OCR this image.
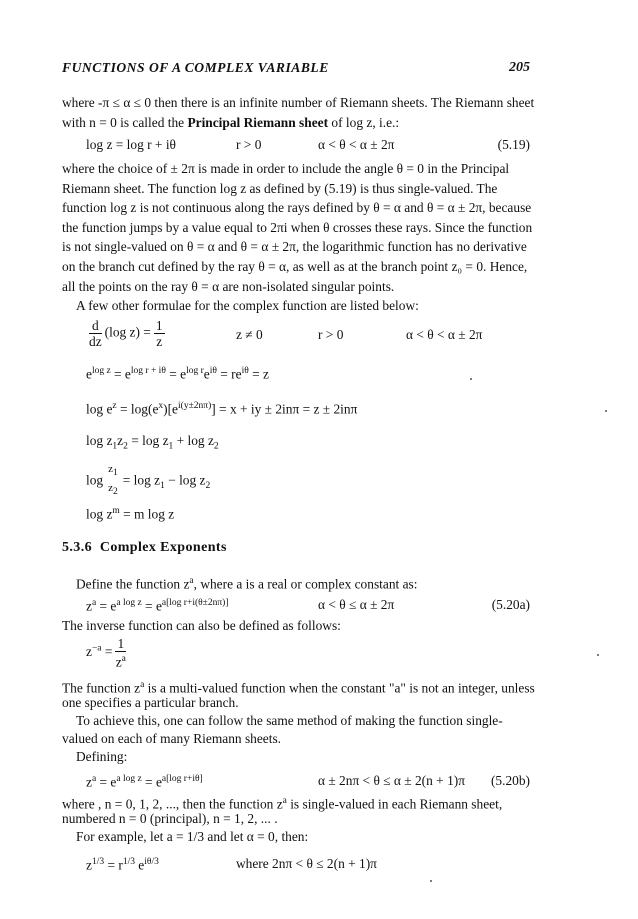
FUNCTIONS OF A COMPLEX VARIABLE	205
where -π ≤ α ≤ 0 then there is an infinite number of Riemann sheets. The Riemann sheet
with n = 0 is called the Principal Riemann sheet of log z, i.e.:
log z = log r + iθ	r > 0	α < θ < α ± 2π	(5.19)
where the choice of ± 2π is made in order to include the angle θ = 0 in the Principal
Riemann sheet. The function log z as defined by (5.19) is thus single-valued. The
function log z is not continuous along the rays defined by θ = α and θ = α ± 2π, because
the function jumps by a value equal to 2πi when θ crosses these rays. Since the function
is not single-valued on θ = α and θ = α ± 2π, the logarithmic function has no derivative
on the branch cut defined by the ray θ = α, as well as at the branch point z₀ = 0. Hence,
all the points on the ray θ = α are non-isolated singular points.
A few other formulae for the complex function are listed below:
$\frac{d}{dz} (\log$ $z) = \frac{1}{z}$	z ≠ 0	r > 0	α < θ < α ± 2π
$e^{log z} = e^{log r + i\theta} = e^{log r}e^{i\theta} = re^{i\theta} = z$
$\log e^z = \log(e^x)[e^{i(y\pm 2n\pi)}] = x$ + iy ± 2inπ = z ± 2inπ
$\log z_1z_2 = \log z_1 + \log z_2$
log
$z_1$
$z_2$
= $\log z_1 - \log z_2$
$\log z^m = m$ log z
5.3.6 Complex Exponents
Define the function $z^a$, where a is a real or complex constant as:
$z^a = e^{a log z} = e^{a[log r+i(\theta\pm 2n\pi)]}$	α < θ ≤ α ± 2π	(5.20a)
The inverse function can also be defined as follows:
$z^{-a} = \frac{1}{z^a}$
The function $z^a$ is a multi-valued function when the constant "a" is not an integer, unless
one specifies a particular branch.
To achieve this, one can follow the same method of making the function single-
valued on each of many Riemann sheets.
Defining:
$z^a = e^{a log z} = e^{a[log r+i\theta]}$	α ± 2nπ < θ ≤ α ± 2(n + 1)π (5.20b)
where , n = 0, 1, 2, ..., then the function $z^a$ is single-valued in each Riemann sheet,
numbered n = 0 (principal), n = 1, 2, ... .
For example, let a = 1/3 and let α = 0, then:
$z^{1/3} = r^{1/3}$ $e^{i\theta/3}$	where 2nπ < θ ≤ 2(n + 1)π
